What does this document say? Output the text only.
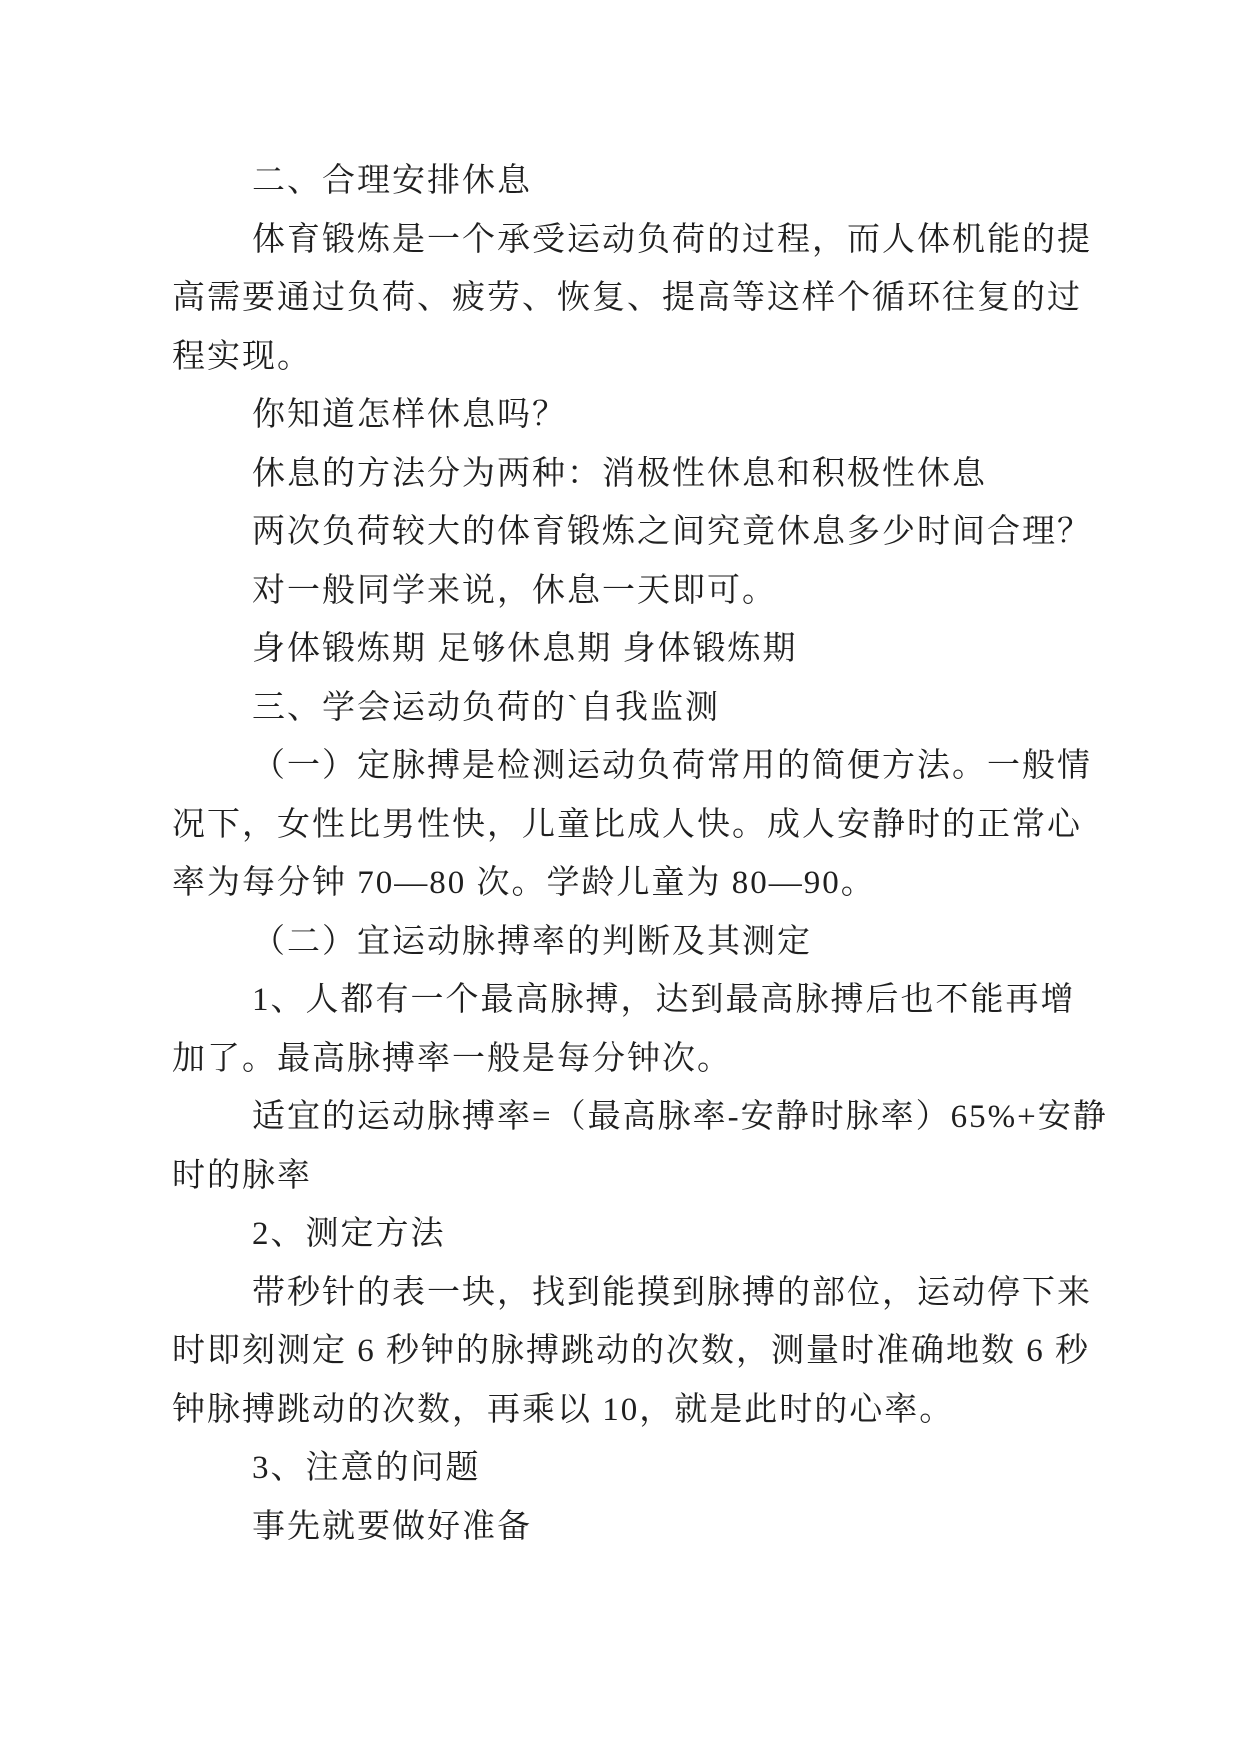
二、合理安排休息
体育锻炼是一个承受运动负荷的过程，而人体机能的提
高需要通过负荷、疲劳、恢复、提高等这样个循环往复的过
程实现。
你知道怎样休息吗？
休息的方法分为两种：消极性休息和积极性休息
两次负荷较大的体育锻炼之间究竟休息多少时间合理？
对一般同学来说，休息一天即可。
身体锻炼期 足够休息期 身体锻炼期
三、学会运动负荷的`自我监测
（一）定脉搏是检测运动负荷常用的简便方法。一般情
况下，女性比男性快，儿童比成人快。成人安静时的正常心
率为每分钟 70—80 次。学龄儿童为 80—90。
（二）宜运动脉搏率的判断及其测定
1、人都有一个最高脉搏，达到最高脉搏后也不能再增
加了。最高脉搏率一般是每分钟次。
适宜的运动脉搏率=（最高脉率-安静时脉率）65%+安静
时的脉率
2、测定方法
带秒针的表一块，找到能摸到脉搏的部位，运动停下来
时即刻测定 6 秒钟的脉搏跳动的次数，测量时准确地数 6 秒
钟脉搏跳动的次数，再乘以 10，就是此时的心率。
3、注意的问题
事先就要做好准备
